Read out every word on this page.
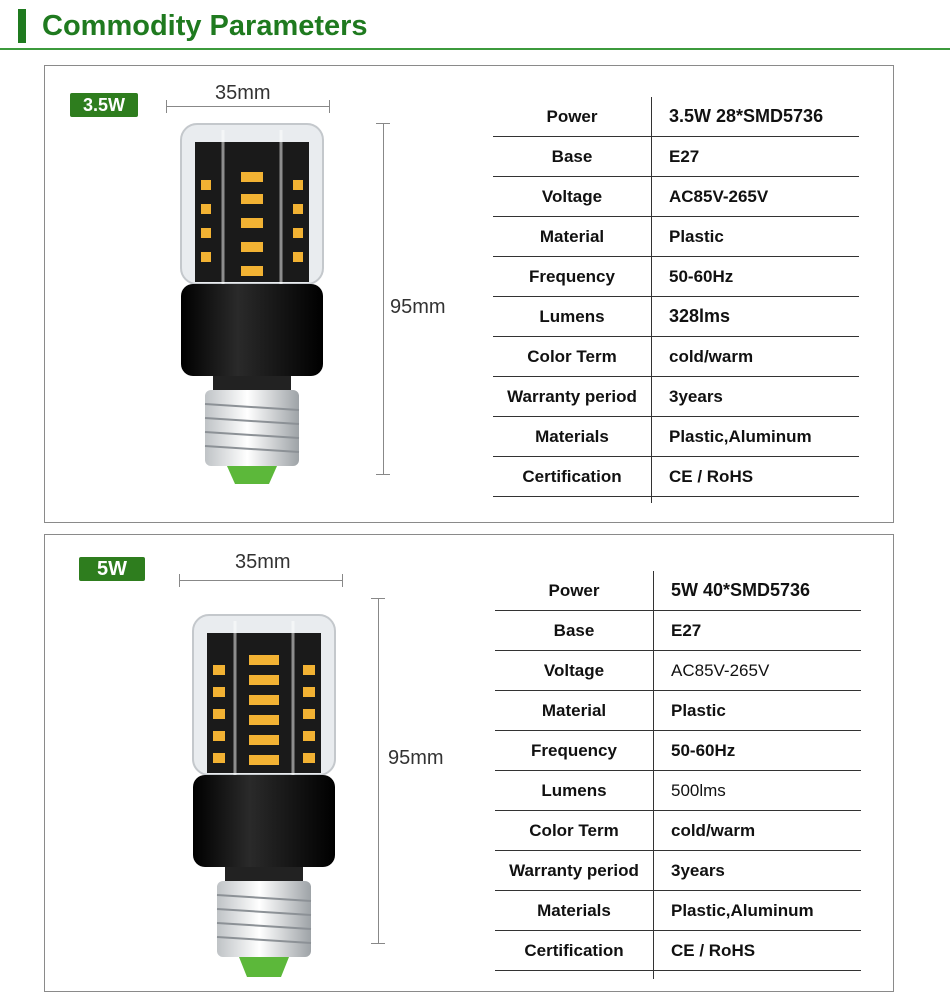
Commodity Parameters
3.5W
35mm
95mm
Power	3.5W 28*SMD5736
Base	E27
Voltage	AC85V-265V
Material	Plastic
Frequency	50-60Hz
Lumens	328lms
Color Term	cold/warm
Warranty period	3years
Materials	Plastic,Aluminum
Certification	CE / RoHS
5W	35mm
95mm
Power	5W 40*SMD5736
Base	E27
Voltage	AC85V-265V
Material	Plastic
Frequency	50-60Hz
Lumens	500lms
Color Term	cold/warm
Warranty period	3years
Materials	Plastic,Aluminum
Certification	CE / RoHS
